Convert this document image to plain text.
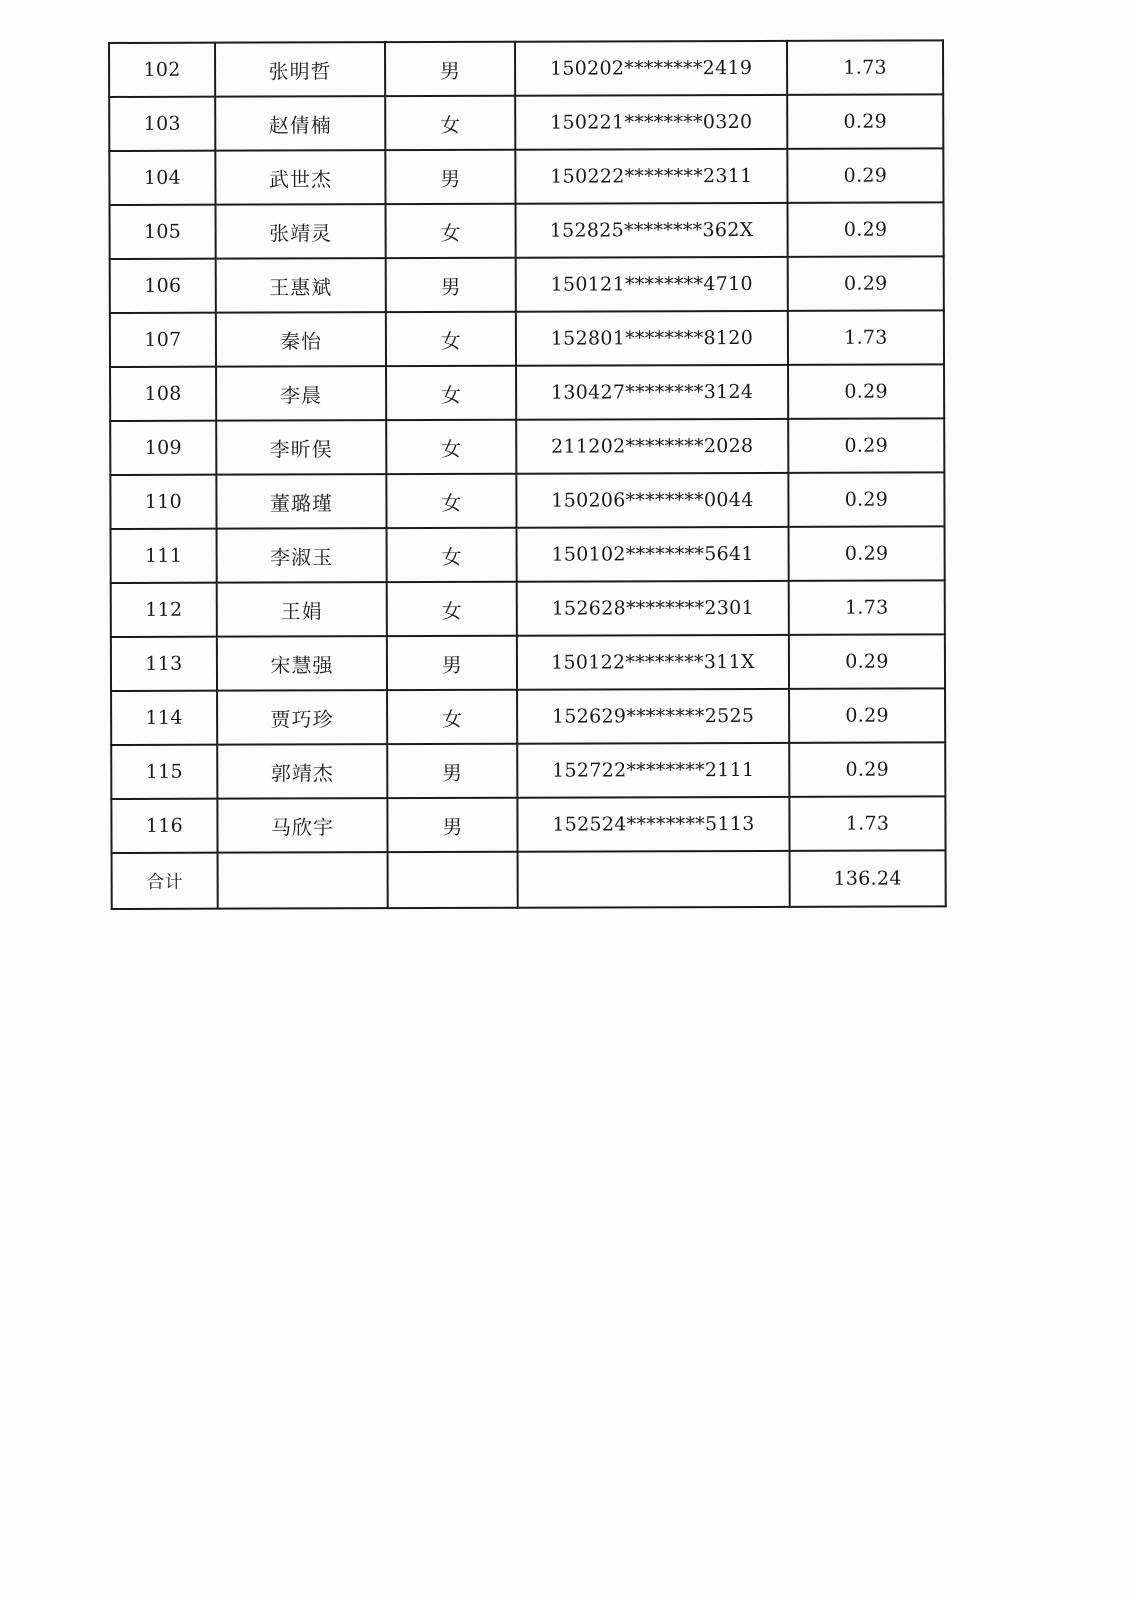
102	张明哲	男	150202********2419	1.73
103	赵倩楠	女	150221********0320	0.29
104	武世杰	男	150222********2311	0.29
105	张靖灵	女	152825********362X	0.29
106	王惠斌	男	150121********4710	0.29
107	秦怡	女	152801********8120	1.73
108	李晨	女	130427********3124	0.29
109	李昕俣	女	211202********2028	0.29
110	董璐瑾	女	150206********0044	0.29
111	李淑玉	女	150102********5641	0.29
112	王娟	女	152628********2301	1.73
113	宋慧强	男	150122********311X	0.29
114	贾巧珍	女	152629********2525	0.29
115	郭靖杰	男	152722********2111	0.29
116	马欣宇	男	152524********5113	1.73
合计				136.24
